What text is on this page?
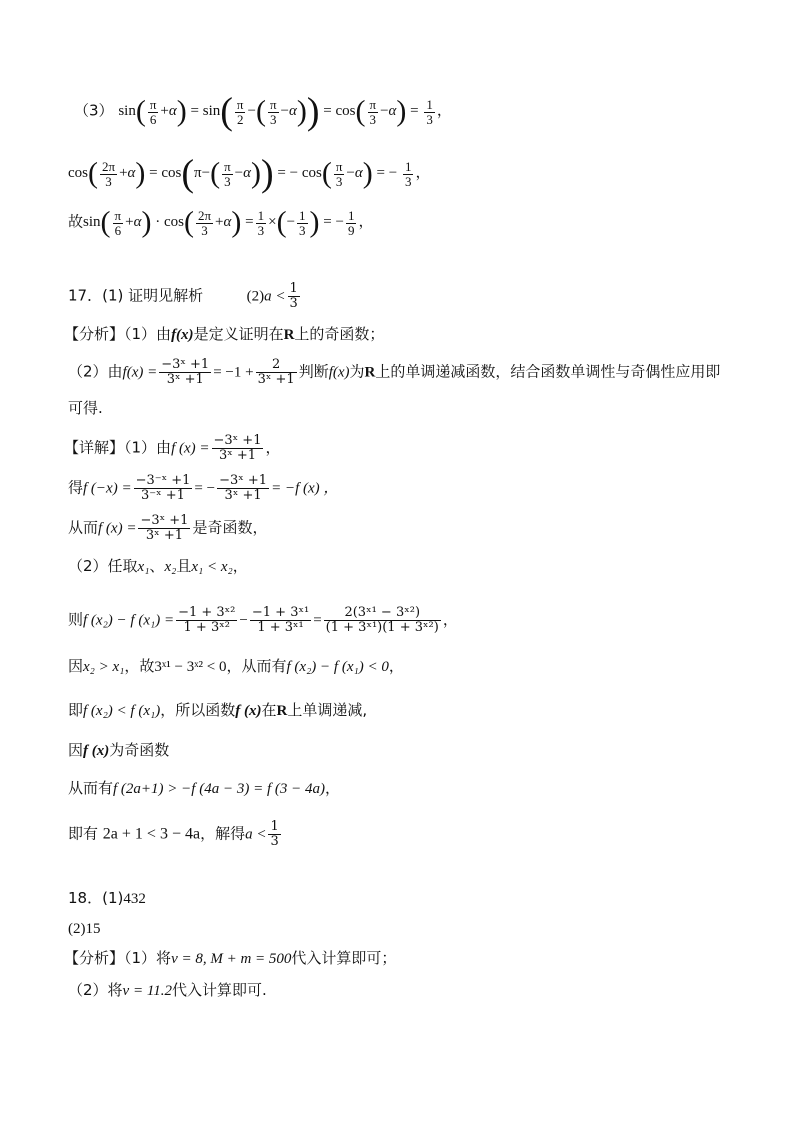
（3） $\sin( \frac{\pi}{6} +\alpha) = \sin( \frac{\pi}{2}$ −( $\frac{\pi}{3} -\alpha)) = \cos( \frac{\pi}{3} -\alpha) = \frac{1}{3}$ ，
$\cos( \frac{2\pi}{3} +\alpha) = \cos(\pi-( \frac{\pi}{3} -\alpha))$ = − $\cos( \frac{\pi}{3} -\alpha)$ = − $\frac{1}{3}$ ，
故$\sin( \frac{\pi}{6} +\alpha) \cdot \cos( \frac{2\pi}{3} +\alpha) = \frac{1}{3}$ ×(− $\frac{1}{3}$ ) = − $\frac{1}{9}$ ，
17．(1) 证明见解析	$(2)a < \frac{1}{3}$
【分析】（1）由f(x)是定义证明在R上的奇函数；
（2）由$f(x) = \frac{\text{−3ˣ +1}}{\text{3ˣ +1}} = -1 + \frac{2}{\text{3ˣ +1}}$ 判断f(x)为R上的单调递减函数，结合函数单调性与奇偶性应用即
可得.
【详解】（1）由f $(x) = \frac{\text{−3ˣ +1}}{\text{3ˣ +1}}$ ，
得f $(-x) = \frac{\text{−3⁻ˣ +1}}{\text{3⁻ˣ +1}}$ = − $\frac{\text{−3ˣ +1}}{\text{3ˣ +1}} = -f$ (x) ，
从而f $(x) = \frac{\text{−3ˣ +1}}{\text{3ˣ +1}}$ 是奇函数，
（2）任取x₁、x₂且x₁ < x₂，
则f (x₂) − f $(x_1) = \frac{\text{−1 + 3ˣ²}}{\text{1 + 3ˣ²}} - \frac{\text{−1 + 3ˣ¹}}{\text{1 + 3ˣ¹}} = \frac{\text{2(3ˣ¹ − 3ˣ²)}}{\text{(1 + 3ˣ¹)(1 + 3ˣ²)}}$ ，
因x₂ > x₁，故3ˣ¹ − 3ˣ² < 0，从而有f (x₂) − f (x₁) < 0，
即f (x₂) < f (x₁)，所以函数f (x)在R上单调递减,
因f (x)为奇函数
从而有f (2a+1) > −f (4a − 3) = f (3 − 4a)，
即有 2a + 1 < 3 − 4a，解得$a < \frac{1}{3}$
18．(1)432
(2)15
【分析】（1）将v = 8, M + m = 500代入计算即可；
（2）将v = 11.2代入计算即可.
